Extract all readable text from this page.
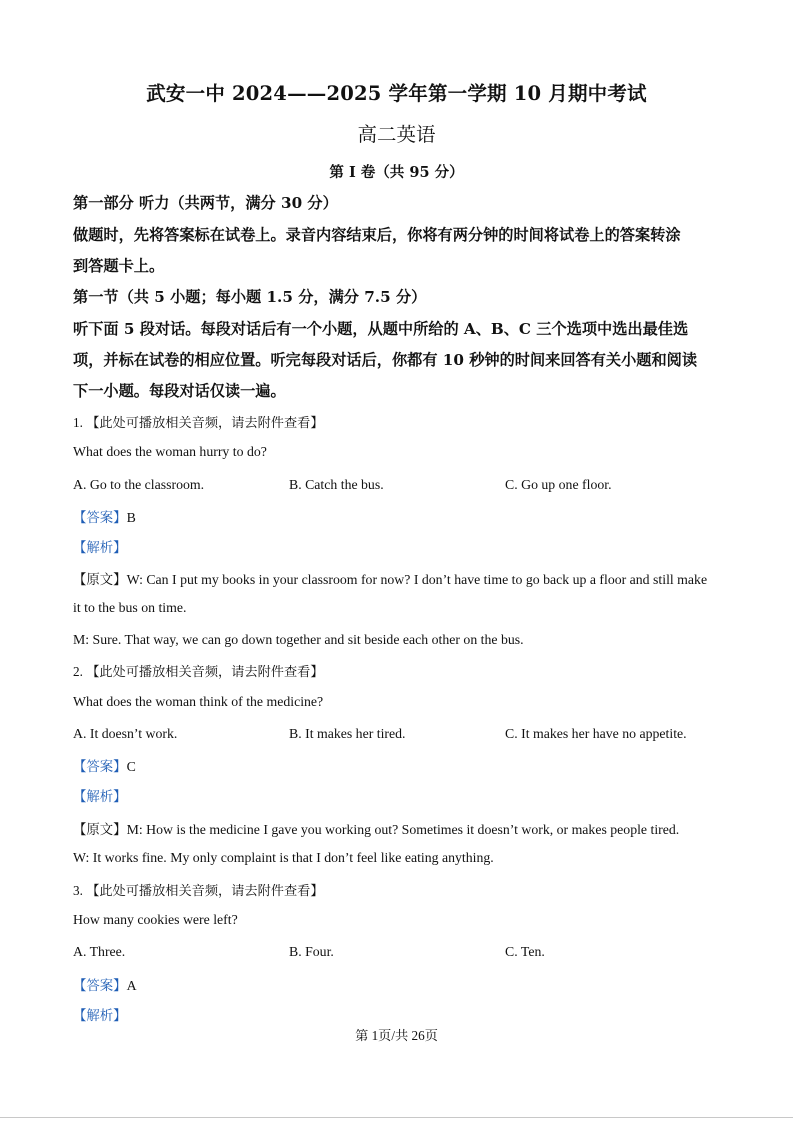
武安一中 2024——2025 学年第一学期 10 月期中考试
高二英语
第 I 卷（共 95 分）
第一部分 听力（共两节，满分 30 分）
做题时，先将答案标在试卷上。录音内容结束后，你将有两分钟的时间将试卷上的答案转涂
到答题卡上。
第一节（共 5 小题；每小题 1.5 分，满分 7.5 分）
听下面 5 段对话。每段对话后有一个小题，从题中所给的 A、B、C 三个选项中选出最佳选
项，并标在试卷的相应位置。听完每段对话后，你都有 10 秒钟的时间来回答有关小题和阅读
下一小题。每段对话仅读一遍。
1. 【此处可播放相关音频，请去附件查看】
What does the woman hurry to do?
A. Go to the classroom.	B. Catch the bus.	C. Go up one floor.
【答案】B
【解析】
【原文】W: Can I put my books in your classroom for now? I don’t have time to go back up a floor and still make
it to the bus on time.
M: Sure. That way, we can go down together and sit beside each other on the bus.
2. 【此处可播放相关音频，请去附件查看】
What does the woman think of the medicine?
A. It doesn’t work.	B. It makes her tired.	C. It makes her have no appetite.
【答案】C
【解析】
【原文】M: How is the medicine I gave you working out? Sometimes it doesn’t work, or makes people tired.
W: It works fine. My only complaint is that I don’t feel like eating anything.
3. 【此处可播放相关音频，请去附件查看】
How many cookies were left?
A. Three.	B. Four.	C. Ten.
【答案】A
【解析】
第 1页/共 26页
